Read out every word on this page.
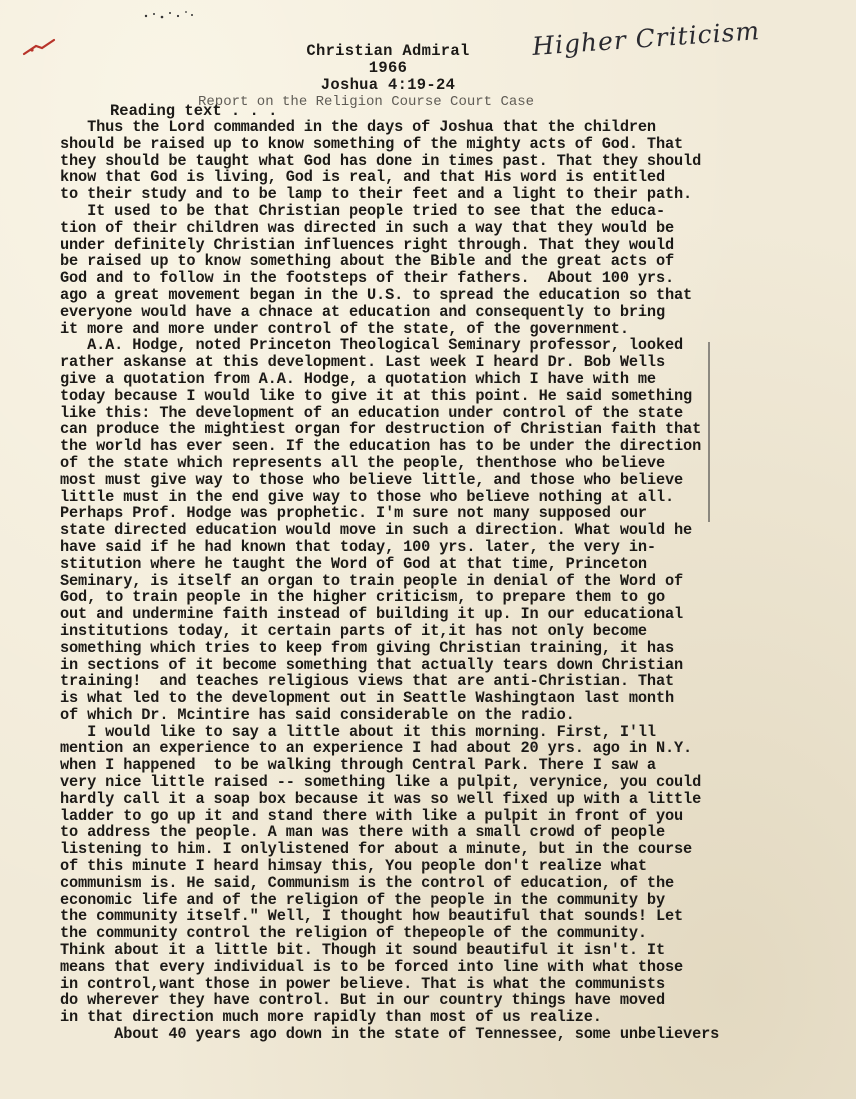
Christian Admiral
1966
Joshua 4:19-24
Higher Criticism
Report on the Religion Course Court Case
Reading text . . .
Thus the Lord commanded in the days of Joshua that the children
should be raised up to know something of the mighty acts of God. That
they should be taught what God has done in times past. That they should
know that God is living, God is real, and that His word is entitled
to their study and to be lamp to their feet and a light to their path.
It used to be that Christian people tried to see that the educa-
tion of their children was directed in such a way that they would be
under definitely Christian influences right through. That they would
be raised up to know something about the Bible and the great acts of
God and to follow in the footsteps of their fathers.  About 100 yrs.
ago a great movement began in the U.S. to spread the education so that
everyone would have a chnace at education and consequently to bring
it more and more under control of the state, of the government.
A.A. Hodge, noted Princeton Theological Seminary professor, looked
rather askanse at this development. Last week I heard Dr. Bob Wells
give a quotation from A.A. Hodge, a quotation which I have with me
today because I would like to give it at this point. He said something
like this: The development of an education under control of the state
can produce the mightiest organ for destruction of Christian faith that
the world has ever seen. If the education has to be under the direction
of the state which represents all the people, thenthose who believe
most must give way to those who believe little, and those who believe
little must in the end give way to those who believe nothing at all.
Perhaps Prof. Hodge was prophetic. I'm sure not many supposed our
state directed education would move in such a direction. What would he
have said if he had known that today, 100 yrs. later, the very in-
stitution where he taught the Word of God at that time, Princeton
Seminary, is itself an organ to train people in denial of the Word of
God, to train people in the higher criticism, to prepare them to go
out and undermine faith instead of building it up. In our educational
institutions today, it certain parts of it,it has not only become
something which tries to keep from giving Christian training, it has
in sections of it become something that actually tears down Christian
training!  and teaches religious views that are anti-Christian. That
is what led to the development out in Seattle Washingtaon last month
of which Dr. Mcintire has said considerable on the radio.
I would like to say a little about it this morning. First, I'll
mention an experience to an experience I had about 20 yrs. ago in N.Y.
when I happened  to be walking through Central Park. There I saw a
very nice little raised -- something like a pulpit, verynice, you could
hardly call it a soap box because it was so well fixed up with a little
ladder to go up it and stand there with like a pulpit in front of you
to address the people. A man was there with a small crowd of people
listening to him. I onlylistened for about a minute, but in the course
of this minute I heard himsay this, You people don't realize what
communism is. He said, Communism is the control of education, of the
economic life and of the religion of the people in the community by
the community itself." Well, I thought how beautiful that sounds! Let
the community control the religion of thepeople of the community.
Think about it a little bit. Though it sound beautiful it isn't. It
means that every individual is to be forced into line with what those
in control,want those in power believe. That is what the communists
do wherever they have control. But in our country things have moved
in that direction much more rapidly than most of us realize.
About 40 years ago down in the state of Tennessee, some unbelievers
